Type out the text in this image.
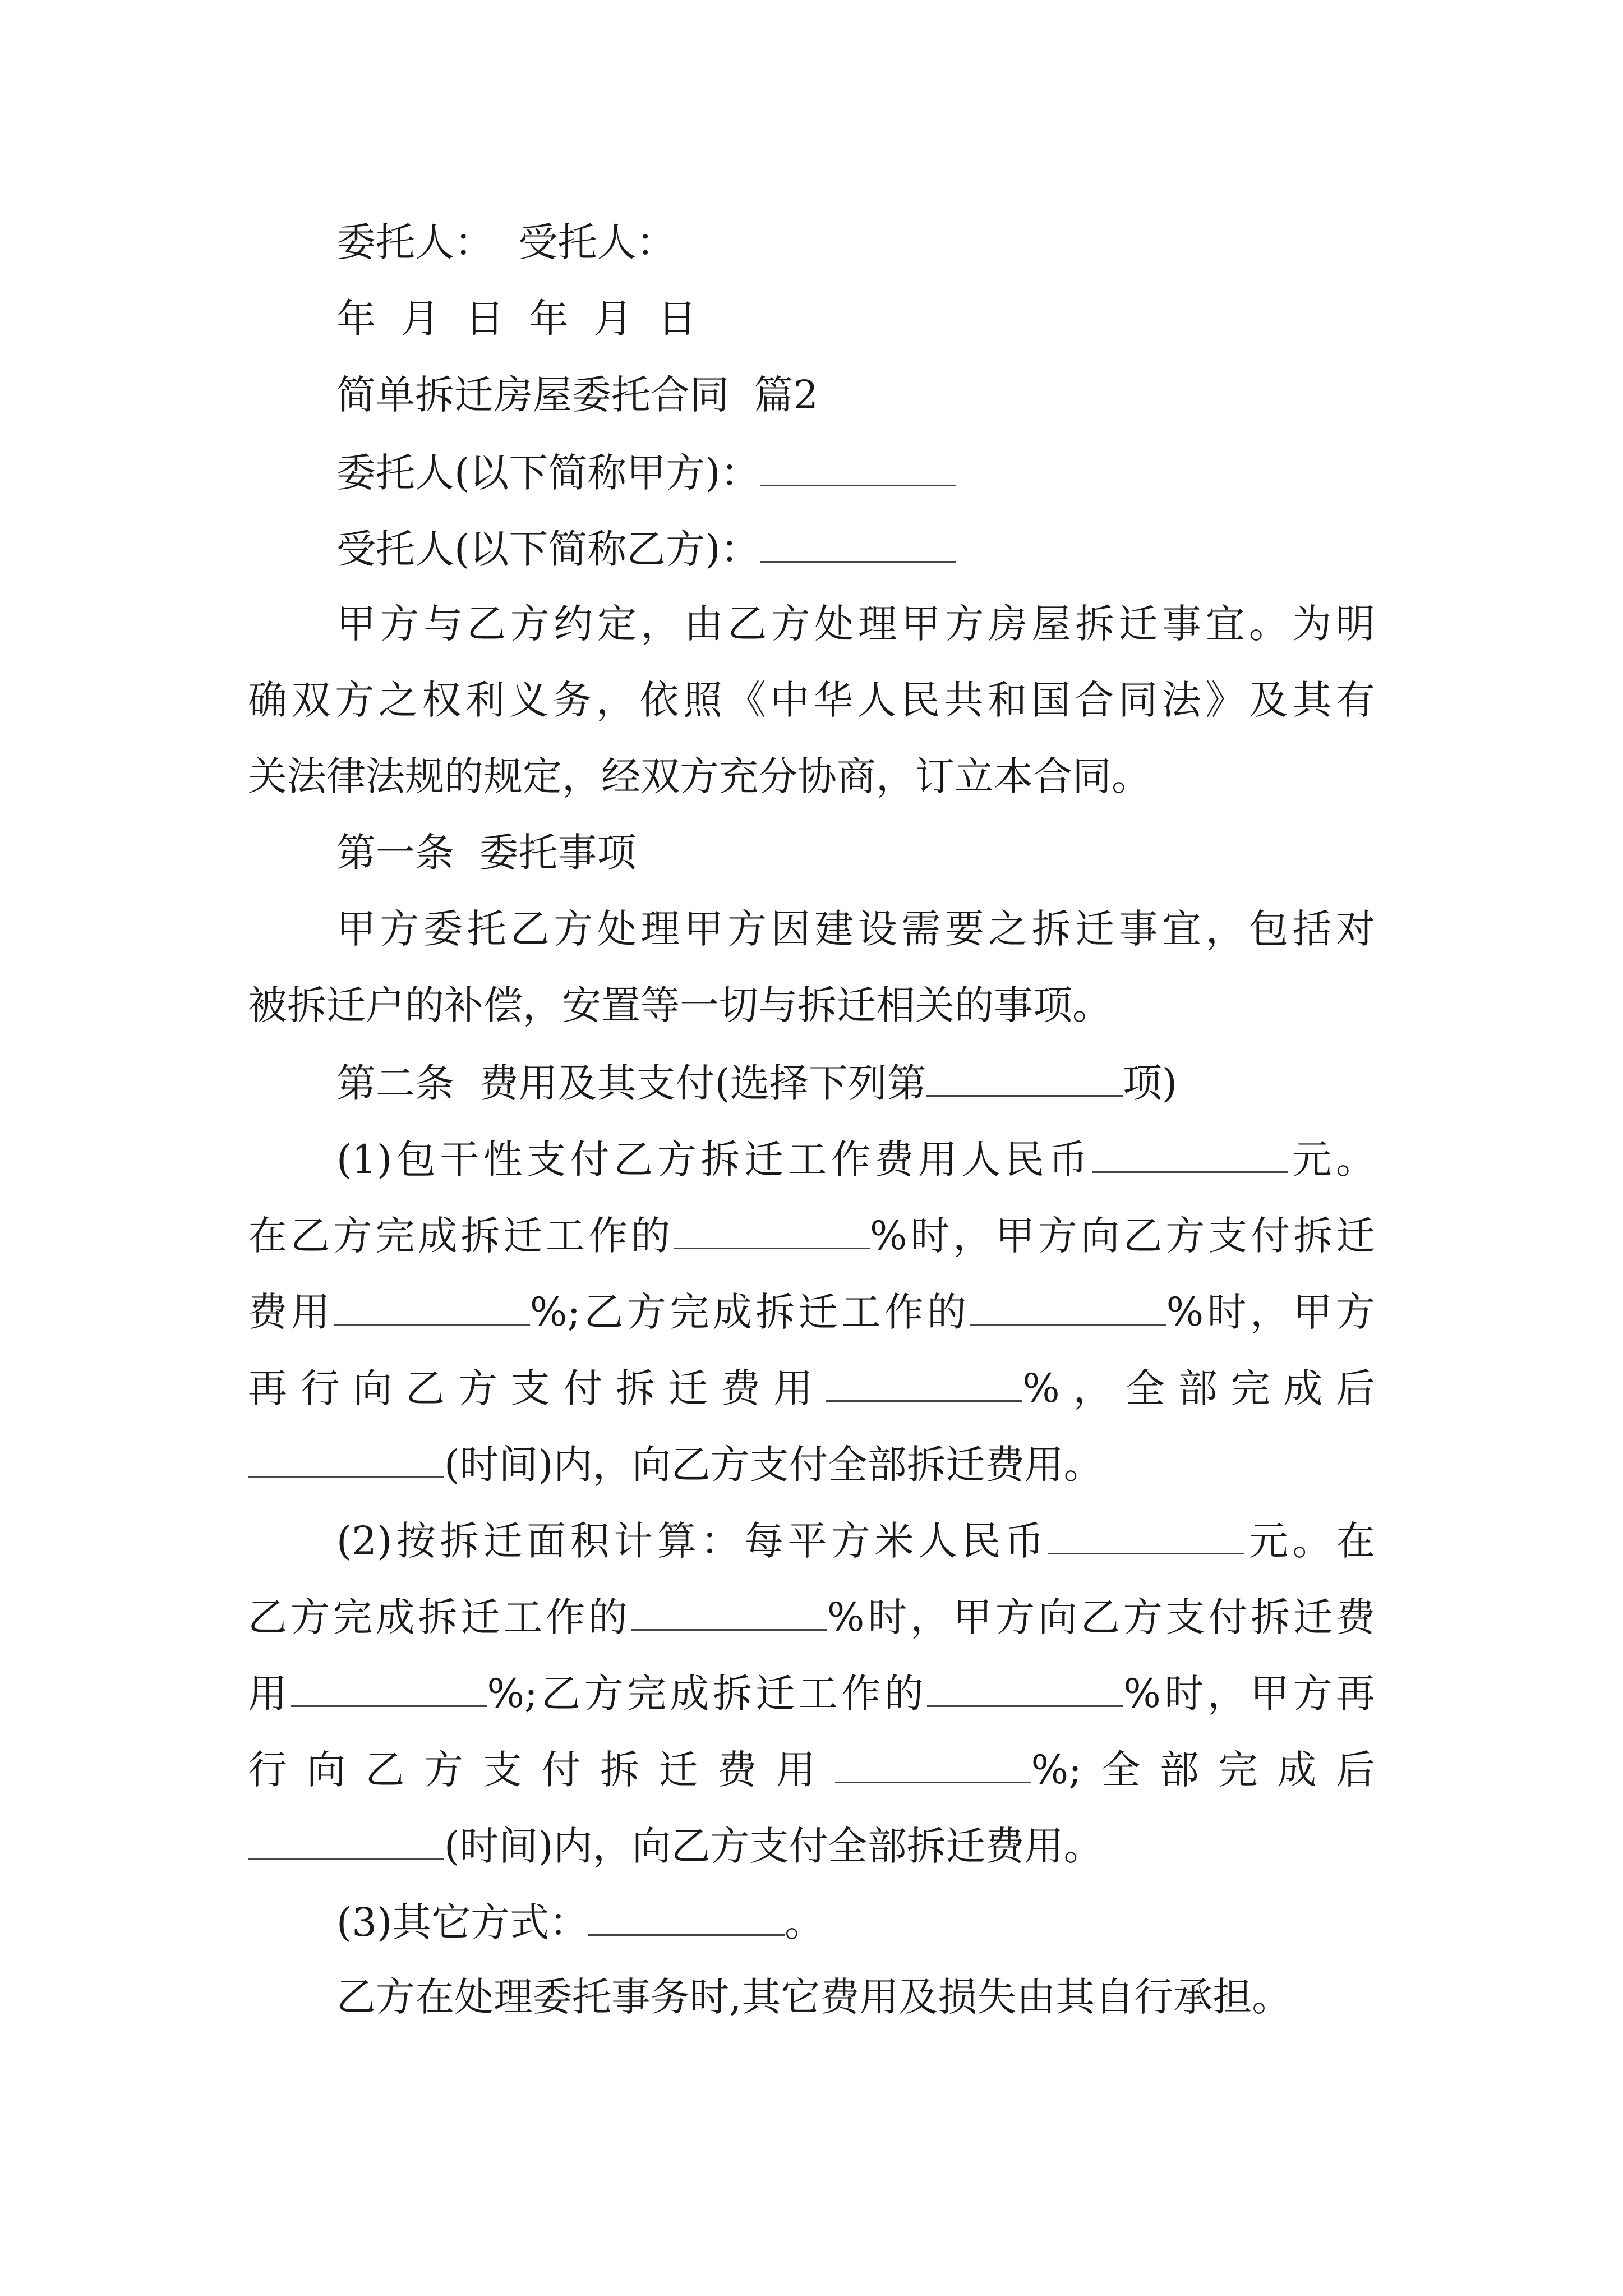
委托人：  受托人：
年  月  日  年  月  日
简单拆迁房屋委托合同  篇2
委托人(以下简称甲方)：
受托人(以下简称乙方)：
甲方与乙方约定，由乙方处理甲方房屋拆迁事宜。为明
确双方之权利义务，依照《中华人民共和国合同法》及其有
关法律法规的规定，经双方充分协商，订立本合同。
第一条  委托事项
甲方委托乙方处理甲方因建设需要之拆迁事宜，包括对
被拆迁户的补偿，安置等一切与拆迁相关的事项。
第二条  费用及其支付(选择下列第	项)
(1)包干性支付乙方拆迁工作费用人民币	元。
在乙方完成拆迁工作的	%时，甲方向乙方支付拆迁
费用	%;乙方完成拆迁工作的	%时，甲方
再行向乙方支付拆迁费用	%，全部完成后
(时间)内，向乙方支付全部拆迁费用。
(2)按拆迁面积计算：每平方米人民币	元。在
乙方完成拆迁工作的	%时，甲方向乙方支付拆迁费
用	%;乙方完成拆迁工作的	%时，甲方再
行向乙方支付拆迁费用	%;全部完成后
(时间)内，向乙方支付全部拆迁费用。
(3)其它方式：	。
乙方在处理委托事务时,其它费用及损失由其自行承担。
